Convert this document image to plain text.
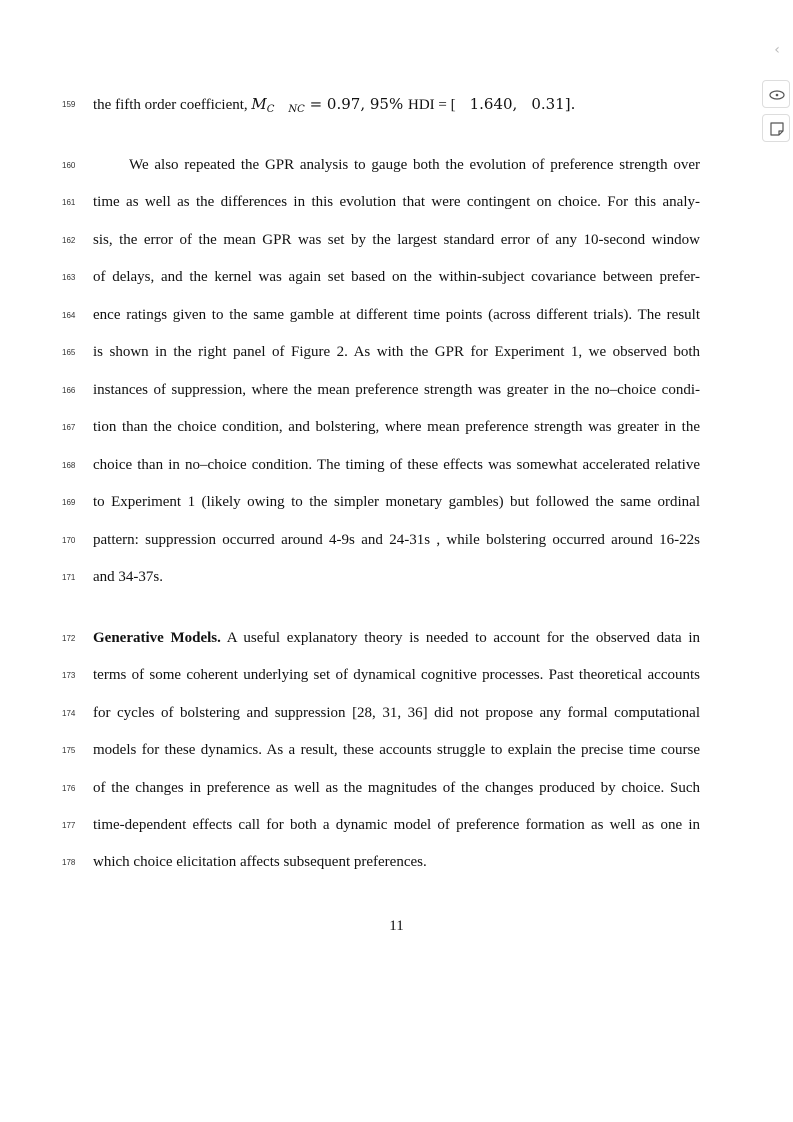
159	the fifth order coefficient, $M_C$ $_{NC}$ = 0.97, 95% HDI = [ 1.640, 0.31].
160	We also repeated the GPR analysis to gauge both the evolution of preference strength over
161	time as well as the differences in this evolution that were contingent on choice. For this analy-
162	sis, the error of the mean GPR was set by the largest standard error of any 10-second window
163	of delays, and the kernel was again set based on the within-subject covariance between prefer-
164	ence ratings given to the same gamble at different time points (across different trials). The result
165	is shown in the right panel of Figure 2. As with the GPR for Experiment 1, we observed both
166	instances of suppression, where the mean preference strength was greater in the no–choice condi-
167	tion than the choice condition, and bolstering, where mean preference strength was greater in the
168	choice than in no–choice condition. The timing of these effects was somewhat accelerated relative
169	to Experiment 1 (likely owing to the simpler monetary gambles) but followed the same ordinal
170	pattern: suppression occurred around 4-9s and 24-31s , while bolstering occurred around 16-22s
171	and 34-37s.
172	Generative Models. A useful explanatory theory is needed to account for the observed data in
173	terms of some coherent underlying set of dynamical cognitive processes. Past theoretical accounts
174	for cycles of bolstering and suppression [28, 31, 36] did not propose any formal computational
175	models for these dynamics. As a result, these accounts struggle to explain the precise time course
176	of the changes in preference as well as the magnitudes of the changes produced by choice. Such
177	time-dependent effects call for both a dynamic model of preference formation as well as one in
178	which choice elicitation affects subsequent preferences.
11
‹
